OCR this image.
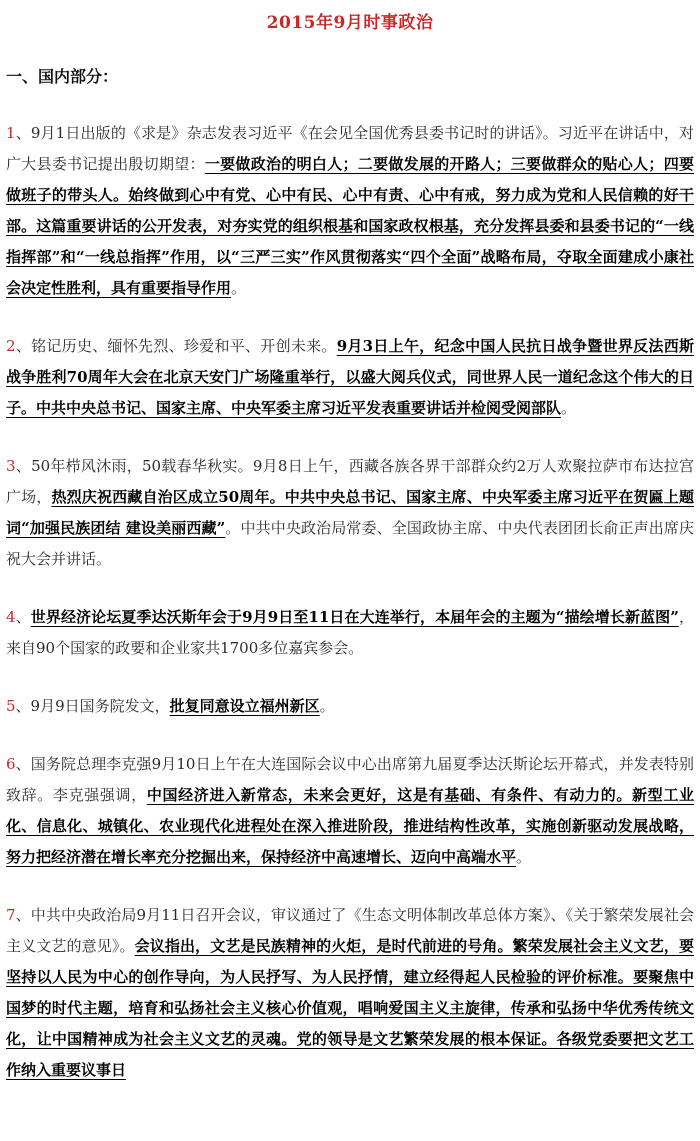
2015年9月时事政治
一、国内部分：

1、9月1日出版的《求是》杂志发表习近平《在会见全国优秀县委书记时的讲话》。习近平在讲话中，对广大县委书记提出殷切期望：一要做政治的明白人；二要做发展的开路人；三要做群众的贴心人；四要做班子的带头人。始终做到心中有党、心中有民、心中有责、心中有戒，努力成为党和人民信赖的好干部。这篇重要讲话的公开发表，对夯实党的组织根基和国家政权根基，充分发挥县委和县委书记的“一线指挥部”和“一线总指挥”作用，以“三严三实”作风贯彻落实“四个全面”战略布局，夺取全面建成小康社会决定性胜利，具有重要指导作用。

2、铭记历史、缅怀先烈、珍爱和平、开创未来。9月3日上午，纪念中国人民抗日战争暨世界反法西斯战争胜利70周年大会在北京天安门广场隆重举行，以盛大阅兵仪式，同世界人民一道纪念这个伟大的日子。中共中央总书记、国家主席、中央军委主席习近平发表重要讲话并检阅受阅部队。

3、50年栉风沐雨，50载春华秋实。9月8日上午，西藏各族各界干部群众约2万人欢聚拉萨市布达拉宫广场，热烈庆祝西藏自治区成立50周年。中共中央总书记、国家主席、中央军委主席习近平在贺匾上题词“加强民族团结 建设美丽西藏”。中共中央政治局常委、全国政协主席、中央代表团团长俞正声出席庆祝大会并讲话。

4、世界经济论坛夏季达沃斯年会于9月9日至11日在大连举行，本届年会的主题为“描绘增长新蓝图”，来自90个国家的政要和企业家共1700多位嘉宾参会。

5、9月9日国务院发文，批复同意设立福州新区。

6、国务院总理李克强9月10日上午在大连国际会议中心出席第九届夏季达沃斯论坛开幕式，并发表特别致辞。李克强强调，中国经济进入新常态，未来会更好，这是有基础、有条件、有动力的。新型工业化、信息化、城镇化、农业现代化进程处在深入推进阶段，推进结构性改革，实施创新驱动发展战略，努力把经济潜在增长率充分挖掘出来，保持经济中高速增长、迈向中高端水平。

7、中共中央政治局9月11日召开会议，审议通过了《生态文明体制改革总体方案》、《关于繁荣发展社会主义文艺的意见》。会议指出，文艺是民族精神的火炬，是时代前进的号角。繁荣发展社会主义文艺，要坚持以人民为中心的创作导向，为人民抒写、为人民抒情，建立经得起人民检验的评价标准。要聚焦中国梦的时代主题，培育和弘扬社会主义核心价值观，唱响爱国主义主旋律，传承和弘扬中华优秀传统文化，让中国精神成为社会主义文艺的灵魂。党的领导是文艺繁荣发展的根本保证。各级党委要把文艺工作纳入重要议事日
